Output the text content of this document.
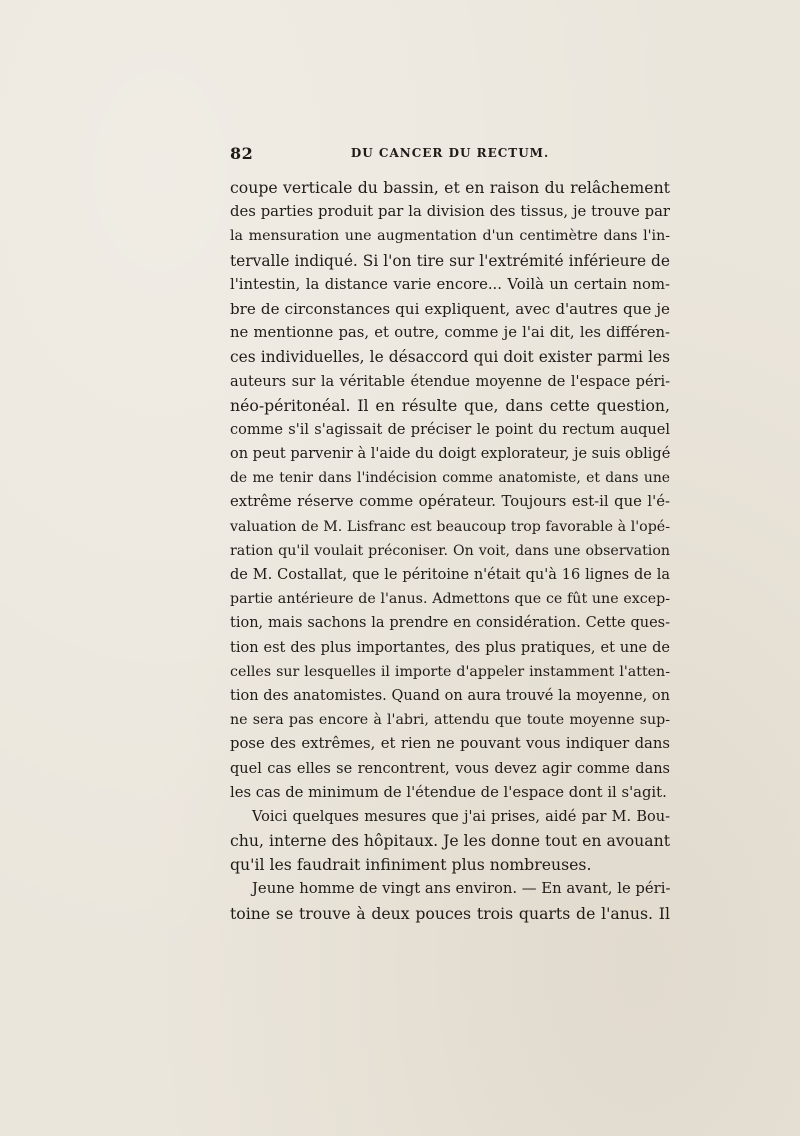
82	DU CANCER DU RECTUM.
coupe verticale du bassin, et en raison du relâchement
des parties produit par la division des tissus, je trouve par
la mensuration une augmentation d'un centimètre dans l'in-
tervalle indiqué. Si l'on tire sur l'extrémité inférieure de
l'intestin, la distance varie encore... Voilà un certain nom-
bre de circonstances qui expliquent, avec d'autres que je
ne mentionne pas, et outre, comme je l'ai dit, les différen-
ces individuelles, le désaccord qui doit exister parmi les
auteurs sur la véritable étendue moyenne de l'espace péri-
néo-péritonéal. Il en résulte que, dans cette question,
comme s'il s'agissait de préciser le point du rectum auquel
on peut parvenir à l'aide du doigt explorateur, je suis obligé
de me tenir dans l'indécision comme anatomiste, et dans une
extrême réserve comme opérateur. Toujours est-il que l'é-
valuation de M. Lisfranc est beaucoup trop favorable à l'opé-
ration qu'il voulait préconiser. On voit, dans une observation
de M. Costallat, que le péritoine n'était qu'à 16 lignes de la
partie antérieure de l'anus. Admettons que ce fût une excep-
tion, mais sachons la prendre en considération. Cette ques-
tion est des plus importantes, des plus pratiques, et une de
celles sur lesquelles il importe d'appeler instamment l'atten-
tion des anatomistes. Quand on aura trouvé la moyenne, on
ne sera pas encore à l'abri, attendu que toute moyenne sup-
pose des extrêmes, et rien ne pouvant vous indiquer dans
quel cas elles se rencontrent, vous devez agir comme dans
les cas de minimum de l'étendue de l'espace dont il s'agit.
Voici quelques mesures que j'ai prises, aidé par M. Bou-
chu, interne des hôpitaux. Je les donne tout en avouant
qu'il les faudrait infiniment plus nombreuses.
Jeune homme de vingt ans environ. — En avant, le péri-
toine se trouve à deux pouces trois quarts de l'anus. Il
